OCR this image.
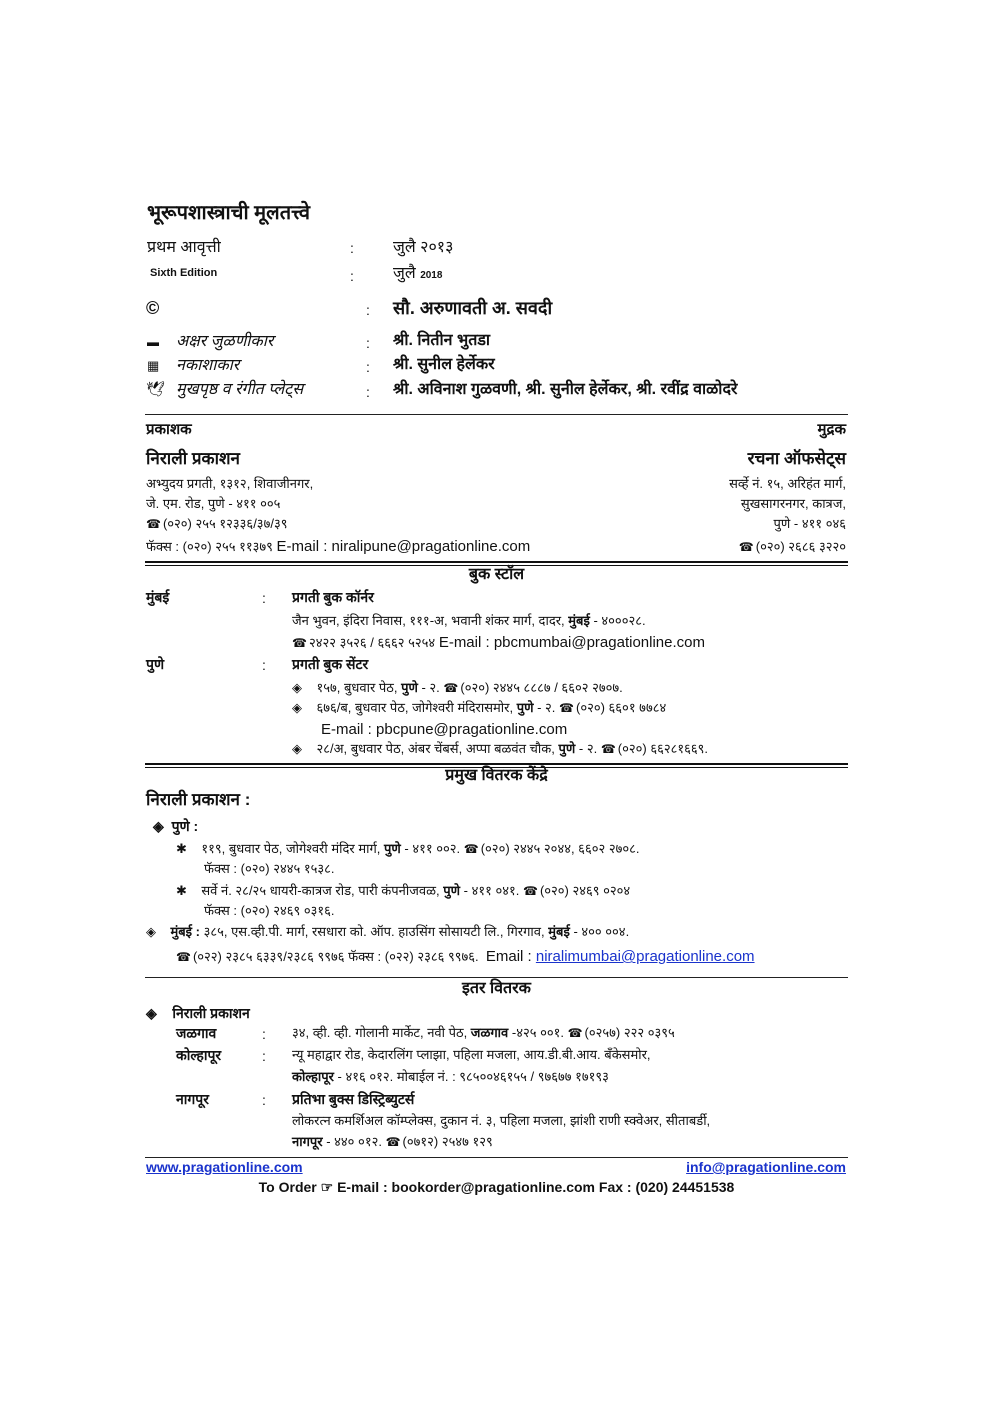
भूरूपशास्त्राची मूलतत्त्वे
प्रथम आवृत्ती	: जुलै २०१३
Sixth Edition	: जुलै 2018
©	: सौ. अरुणावती अ. सवदी
▬ अक्षर जुळणीकार	: श्री. नितीन भुतडा
▦ नकाशाकार	: श्री. सुनील हेर्लेकर
🕊 मुखपृष्ठ व रंगीत प्लेट्स	: श्री. अविनाश गुळवणी, श्री. सुनील हेर्लेकर, श्री. रवींद्र वाळोदरे
प्रकाशक
निराली प्रकाशन
अभ्युदय प्रगती, १३१२, शिवाजीनगर,
जे. एम. रोड, पुणे - ४११ ००५
☎ (०२०) २५५ १२३३६/३७/३९
फॅक्स : (०२०) २५५ ११३७९ E-mail : niralipune@pragationline.com
मुद्रक
रचना ऑफसेट्स
सर्व्हे नं. १५, अरिहंत मार्ग,
सुखसागरनगर, कात्रज,
पुणे - ४११ ०४६
☎ (०२०) २६८६ ३२२०
बुक स्टॉल
मुंबई	: प्रगती बुक कॉर्नर
जैन भुवन, इंदिरा निवास, १११-अ, भवानी शंकर मार्ग, दादर, मुंबई - ४०००२८.
☎ २४२२ ३५२६ / ६६६२ ५२५४ E-mail : pbcmumbai@pragationline.com
पुणे	: प्रगती बुक सेंटर
◈ १५७, बुधवार पेठ, पुणे - २. ☎ (०२०) २४४५ ८८८७ / ६६०२ २७०७.
◈ ६७६/ब, बुधवार पेठ, जोगेश्वरी मंदिरासमोर, पुणे - २. ☎ (०२०) ६६०१ ७७८४
E-mail : pbcpune@pragationline.com
◈ २८/अ, बुधवार पेठ, अंबर चेंबर्स, अप्पा बळवंत चौक, पुणे - २. ☎ (०२०) ६६२८१६६९.
प्रमुख वितरक केंद्रे
निराली प्रकाशन :
◈ पुणे :
✱ ११९, बुधवार पेठ, जोगेश्वरी मंदिर मार्ग, पुणे - ४११ ००२. ☎ (०२०) २४४५ २०४४, ६६०२ २७०८.
फॅक्स : (०२०) २४४५ १५३८.
✱ सर्वे नं. २८/२५ धायरी-कात्रज रोड, पारी कंपनीजवळ, पुणे - ४११ ०४१. ☎ (०२०) २४६९ ०२०४
फॅक्स : (०२०) २४६९ ०३१६.
◈ मुंबई : ३८५, एस.व्ही.पी. मार्ग, रसधारा को. ऑप. हाउसिंग सोसायटी लि., गिरगाव, मुंबई - ४०० ००४.
☎ (०२२) २३८५ ६३३९/२३८६ ९९७६ फॅक्स : (०२२) २३८६ ९९७६. Email : niralimumbai@pragationline.com
इतर वितरक
◈ निराली प्रकाशन
जळगाव	: ३४, व्ही. व्ही. गोलानी मार्केट, नवी पेठ, जळगाव -४२५ ००१. ☎ (०२५७) २२२ ०३९५
कोल्हापूर	: न्यू महाद्वार रोड, केदारलिंग प्लाझा, पहिला मजला, आय.डी.बी.आय. बँकेसमोर,
कोल्हापूर - ४१६ ०१२. मोबाईल नं. : ९८५००४६१५५ / ९७६७७ १७१९३
नागपूर	: प्रतिभा बुक्स डिस्ट्रिब्युटर्स
लोकरत्न कमर्शिअल कॉम्प्लेक्स, दुकान नं. ३, पहिला मजला, झांशी राणी स्क्वेअर, सीताबर्डी,
नागपूर - ४४० ०१२. ☎ (०७१२) २५४७ १२९
www.pragationline.com	info@pragationline.com
To Order ☞ E-mail : bookorder@pragationline.com Fax : (020) 24451538
